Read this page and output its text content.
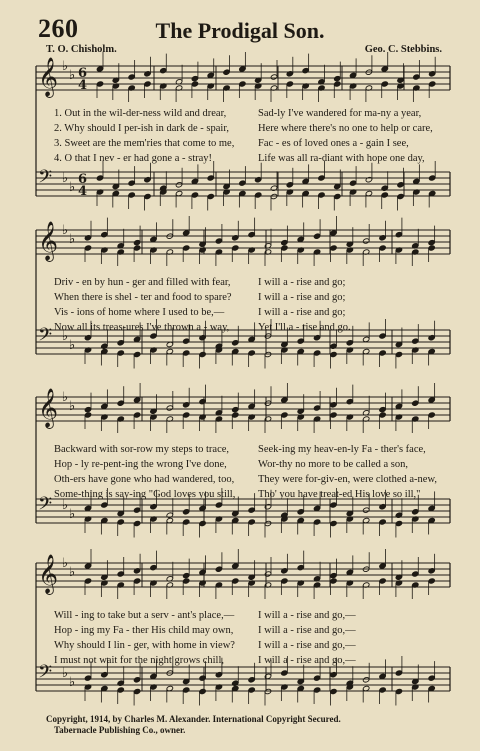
260	The Prodigal Son.
T. O. Chisholm.	Geo. C. Stebbins.
𝄞 ♭
♭ 6
4
𝄢 ♭
♭
6
4
1. Out in the wil-der-ness wild and drear,	Sad-ly I've wandered for ma-ny a year,
2. Why should I per-ish in dark de - spair,	Here where there's no one to help or care,
3. Sweet are the mem'ries that come to me,	Fac - es of loved ones a - gain I see,
4. O that I nev - er had gone a - stray!	Life was all ra-diant with hope one day,
𝄞 ♭
♭
𝄢 ♭
♭
Driv - en by hun - ger and filled with fear,	I will a - rise and go;
When there is shel - ter and food to spare?	I will a - rise and go;
Vis - ions of home where I used to be,—	I will a - rise and go;
Now all its treas-ures I've thrown a - way,	Yet I'll a - rise and go.
𝄞 ♭
♭
𝄢 ♭
♭
Backward with sor-row my steps to trace,	Seek-ing my heav-en-ly Fa - ther's face,
Hop - ly re-pent-ing the wrong I've done,	Wor-thy no more to be called a son,
Oth-ers have gone who had wandered, too,	They were for-giv-en, were clothed a-new,
Some-thing is say-ing "God loves you still,	Tho' you have treat-ed His love so ill,"
𝄞 ♭
♭
𝄢 ♭
♭
Will - ing to take but a serv - ant's place,—	I will a - rise and go,—
Hop - ing my Fa - ther His child may own,	I will a - rise and go,—
Why should I lin - ger, with home in view?	I will a - rise and go,—
I must not wait for the night grows chill,	I will a - rise and go,—
Copyright, 1914, by Charles M. Alexander. International Copyright Secured.
Tabernacle Publishing Co., owner.
